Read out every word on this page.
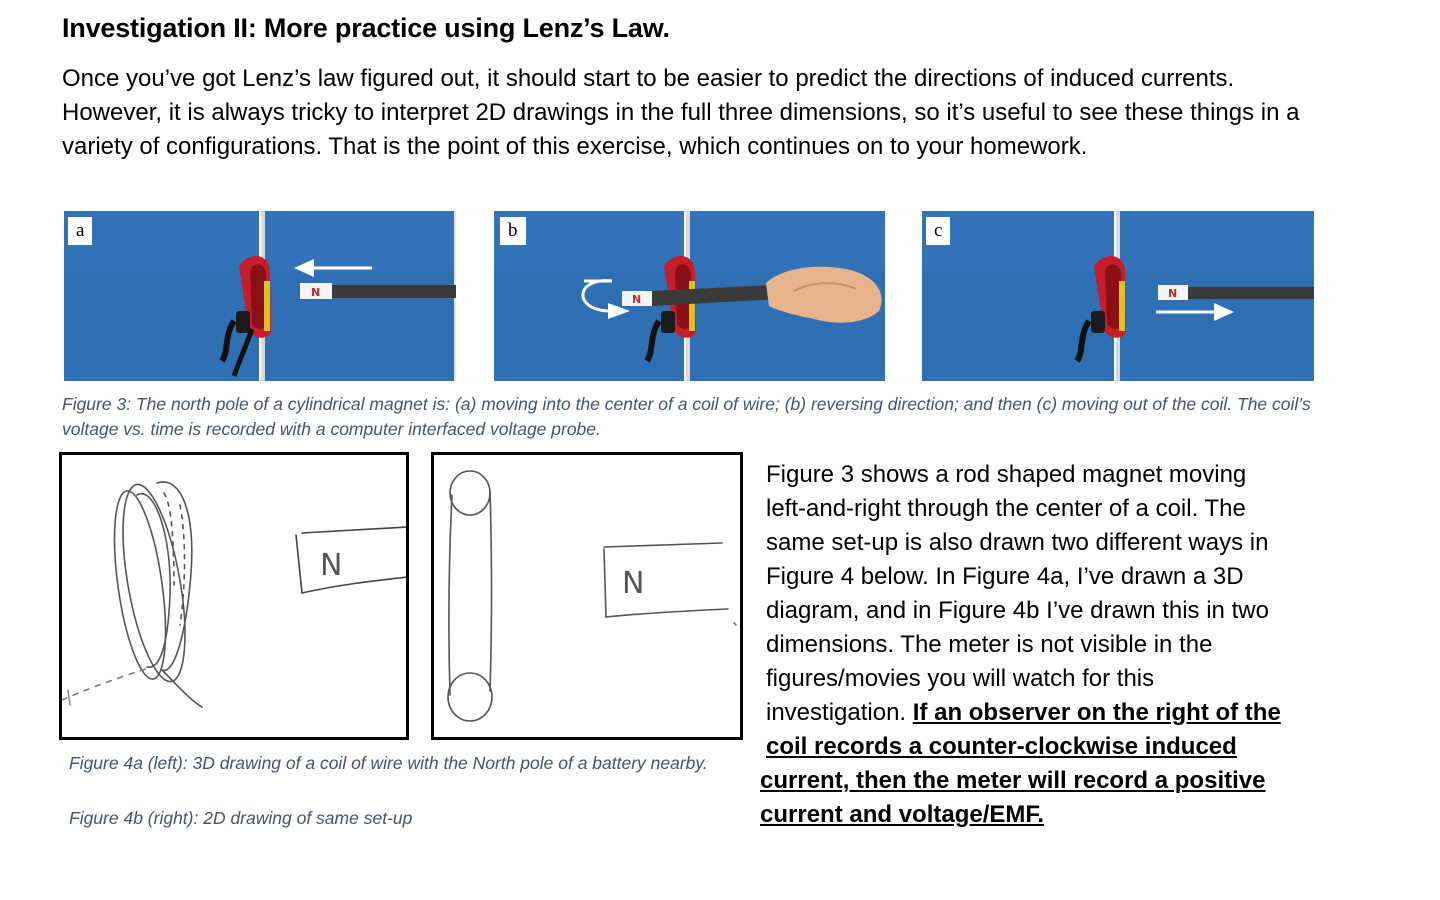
Investigation II: More practice using Lenz’s Law.

Once you’ve got Lenz’s law figured out, it should start to be easier to predict the directions of induced currents. However, it is always tricky to interpret 2D drawings in the full three dimensions, so it’s useful to see these things in a variety of configurations. That is the point of this exercise, which continues on to your homework.

N
a
N
b
N
c

Figure 3: The north pole of a cylindrical magnet is: (a) moving into the center of a coil of wire; (b) reversing direction; and then (c) moving out of the coil. The coil’s voltage vs. time is recorded with a computer interfaced voltage probe.

N
N

Figure 4a (left): 3D drawing of a coil of wire with the North pole of a battery nearby.

Figure 4b (right): 2D drawing of same set-up

Figure 3 shows a rod shaped magnet moving
left-and-right through the center of a coil. The
same set-up is also drawn two different ways in
Figure 4 below. In Figure 4a, I’ve drawn a 3D
diagram, and in Figure 4b I’ve drawn this in two
dimensions. The meter is not visible in the
figures/movies you will watch for this
investigation. If an observer on the right of the
coil records a counter-clockwise induced
current, then the meter will record a positive
current and voltage/EMF.
